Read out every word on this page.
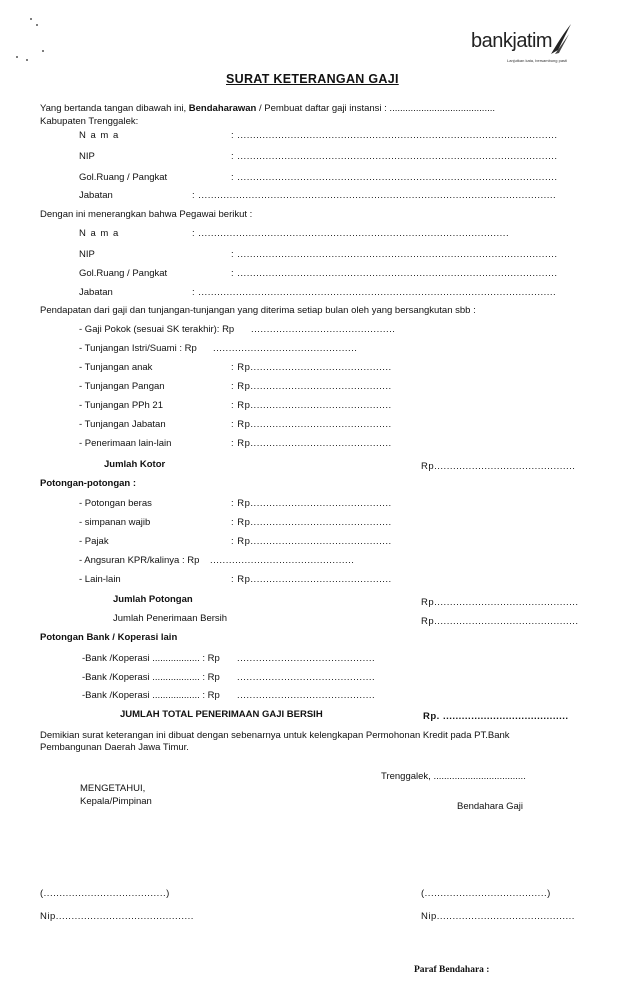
bankjatim
Lanjutkan kata, bersambung pasti
SURAT KETERANGAN GAJI
Yang bertanda tangan dibawah ini, Bendaharawan / Pembuat daftar gaji instansi : ........................................
Kabupaten Trenggalek:
N a m a	: ......................................................................................................
NIP	: ......................................................................................................
Gol.Ruang / Pangkat	: ......................................................................................................
Jabatan	: ..................................................................................................................
Dengan ini menerangkan bahwa Pegawai berikut :
N a m a	: ...................................................................................................
NIP	: ......................................................................................................
Gol.Ruang / Pangkat	: ......................................................................................................
Jabatan	: ..................................................................................................................
Pendapatan dari gaji dan tunjangan-tunjangan yang diterima setiap bulan oleh yang bersangkutan sbb :
- Gaji Pokok (sesuai SK terakhir): Rp ..............................................
- Tunjangan Istri/Suami : Rp ..............................................
- Tunjangan anak	: Rp.............................................
- Tunjangan Pangan	: Rp.............................................
- Tunjangan PPh 21	: Rp.............................................
- Tunjangan Jabatan	: Rp.............................................
- Penerimaan lain-lain	: Rp.............................................
Jumlah Kotor	Rp.............................................
Potongan-potongan :
- Potongan beras	: Rp.............................................
- simpanan wajib	: Rp.............................................
- Pajak	: Rp.............................................
- Angsuran KPR/kalinya : Rp ..............................................
- Lain-lain	: Rp.............................................
Jumlah Potongan	Rp..............................................
Jumlah Penerimaan Bersih	Rp..............................................
Potongan Bank / Koperasi lain
-Bank /Koperasi .................. : Rp ............................................
-Bank /Koperasi .................. : Rp ............................................
-Bank /Koperasi .................. : Rp ............................................
JUMLAH TOTAL PENERIMAAN GAJI BERSIH	Rp. ........................................
Demikian surat keterangan ini dibuat dengan sebenarnya untuk kelengkapan Permohonan Kredit pada PT.Bank
Pembangunan Daerah Jawa Timur.
Trenggalek, ...................................
MENGETAHUI,
Kepala/Pimpinan
(.......................................)
Nip............................................
Bendahara Gaji
(.......................................)
Nip............................................
Paraf Bendahara :
